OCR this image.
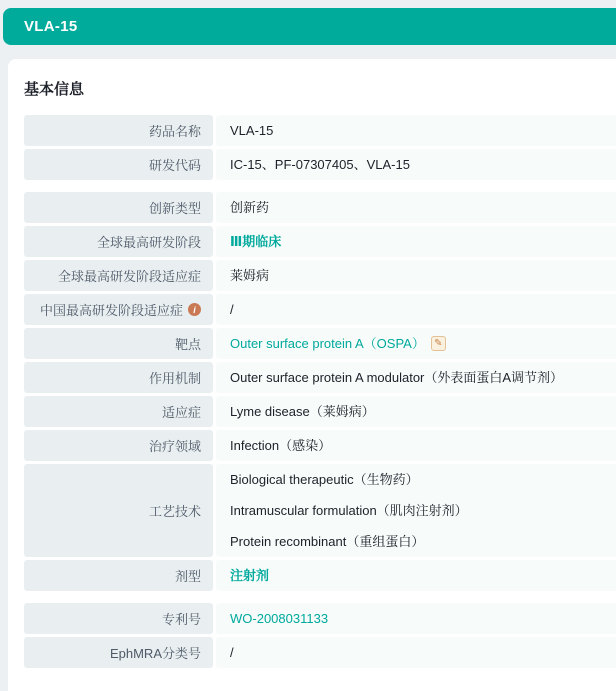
VLA-15
基本信息
药品名称 VLA-15
研发代码 IC-15、PF-07307405、VLA-15
创新类型 创新药
全球最高研发阶段 Ⅲ期临床
全球最高研发阶段适应症 莱姆病
中国最高研发阶段适应症	i	/
靶点 Outer surface protein A（OSPA） ✎
作用机制 Outer surface protein A modulator（外表面蛋白A调节剂）
适应症 Lyme disease（莱姆病）
治疗领域 Infection（感染）
工艺技术
Biological therapeutic（生物药）
Intramuscular formulation（肌肉注射剂）
Protein recombinant（重组蛋白）
剂型 注射剂
专利号 WO-2008031133
EphMRA分类号 /
